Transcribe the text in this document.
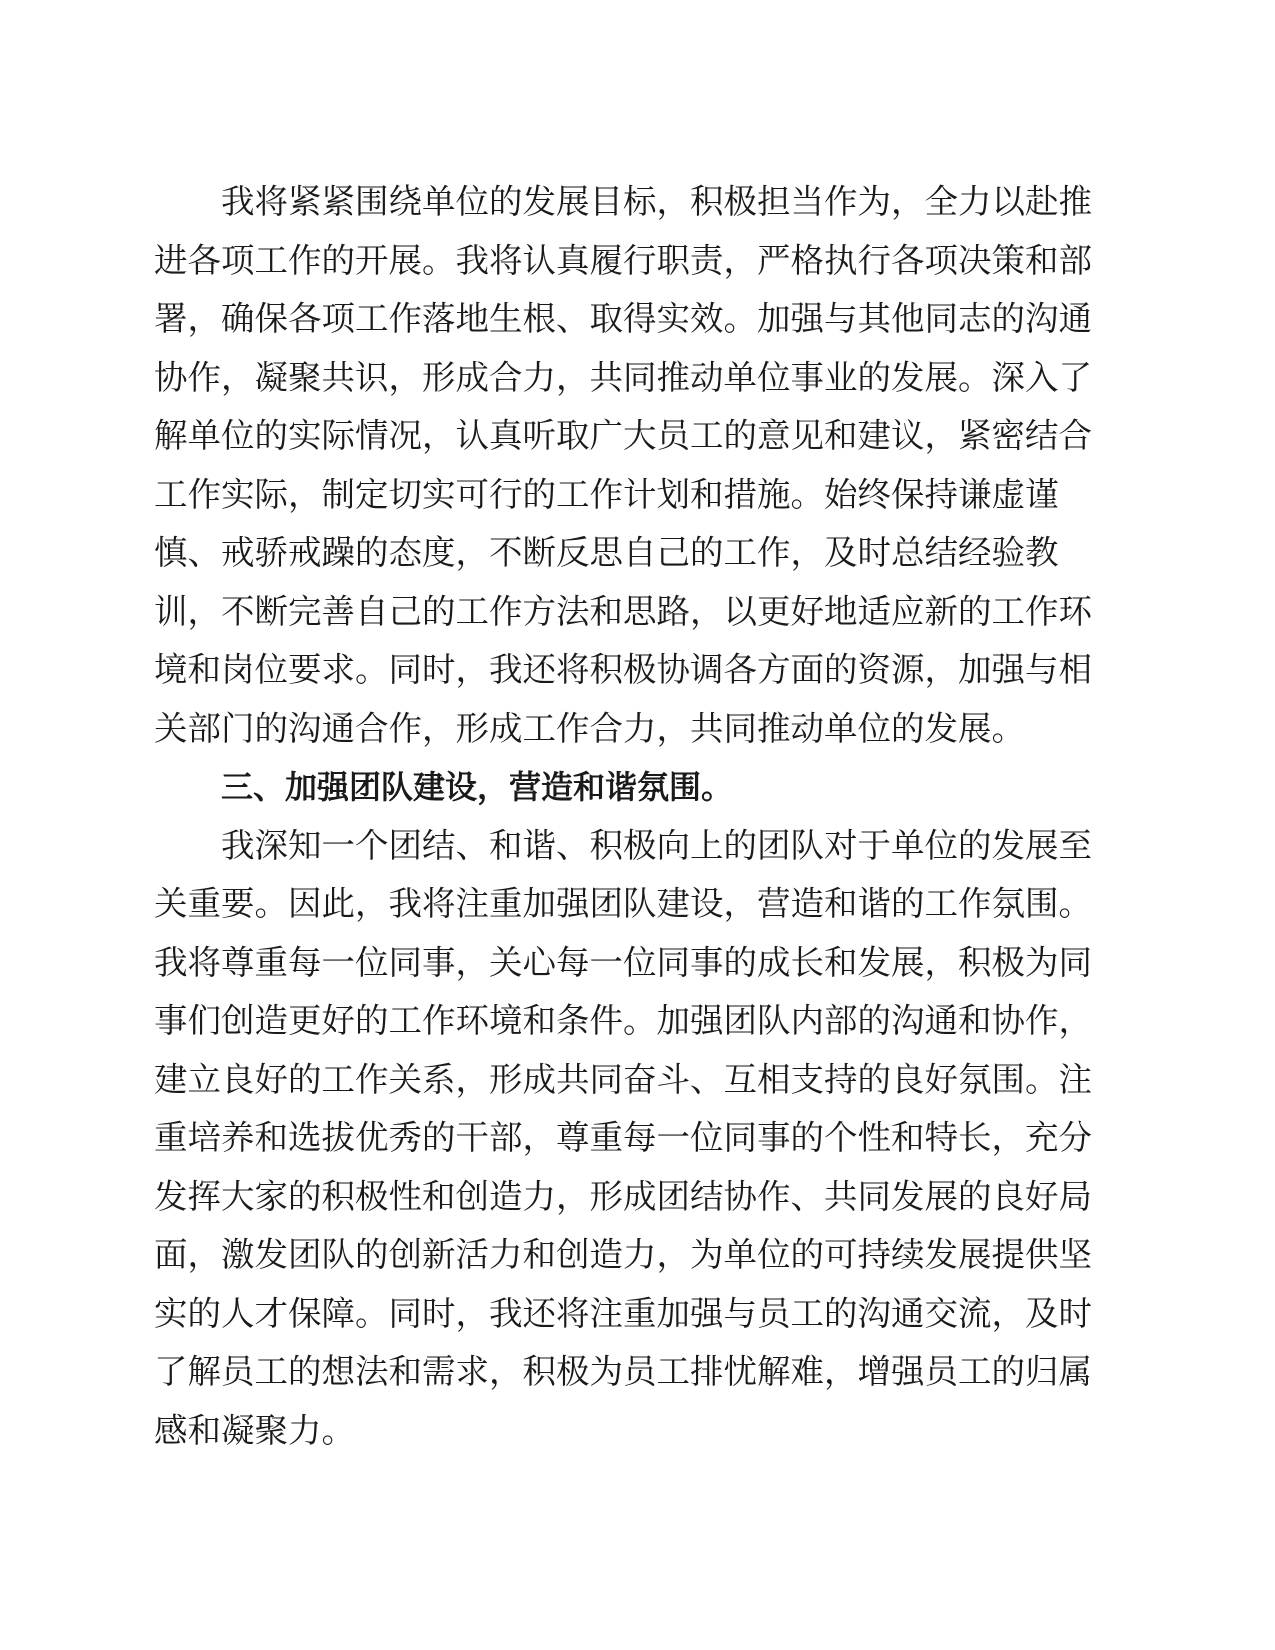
我将紧紧围绕单位的发展目标，积极担当作为，全力以赴推
进各项工作的开展。我将认真履行职责，严格执行各项决策和部
署，确保各项工作落地生根、取得实效。加强与其他同志的沟通
协作，凝聚共识，形成合力，共同推动单位事业的发展。深入了
解单位的实际情况，认真听取广大员工的意见和建议，紧密结合
工作实际，制定切实可行的工作计划和措施。始终保持谦虚谨
慎、戒骄戒躁的态度，不断反思自己的工作，及时总结经验教
训，不断完善自己的工作方法和思路，以更好地适应新的工作环
境和岗位要求。同时，我还将积极协调各方面的资源，加强与相
关部门的沟通合作，形成工作合力，共同推动单位的发展。
三、加强团队建设，营造和谐氛围。
我深知一个团结、和谐、积极向上的团队对于单位的发展至
关重要。因此，我将注重加强团队建设，营造和谐的工作氛围。
我将尊重每一位同事，关心每一位同事的成长和发展，积极为同
事们创造更好的工作环境和条件。加强团队内部的沟通和协作，
建立良好的工作关系，形成共同奋斗、互相支持的良好氛围。注
重培养和选拔优秀的干部，尊重每一位同事的个性和特长，充分
发挥大家的积极性和创造力，形成团结协作、共同发展的良好局
面，激发团队的创新活力和创造力，为单位的可持续发展提供坚
实的人才保障。同时，我还将注重加强与员工的沟通交流，及时
了解员工的想法和需求，积极为员工排忧解难，增强员工的归属
感和凝聚力。
